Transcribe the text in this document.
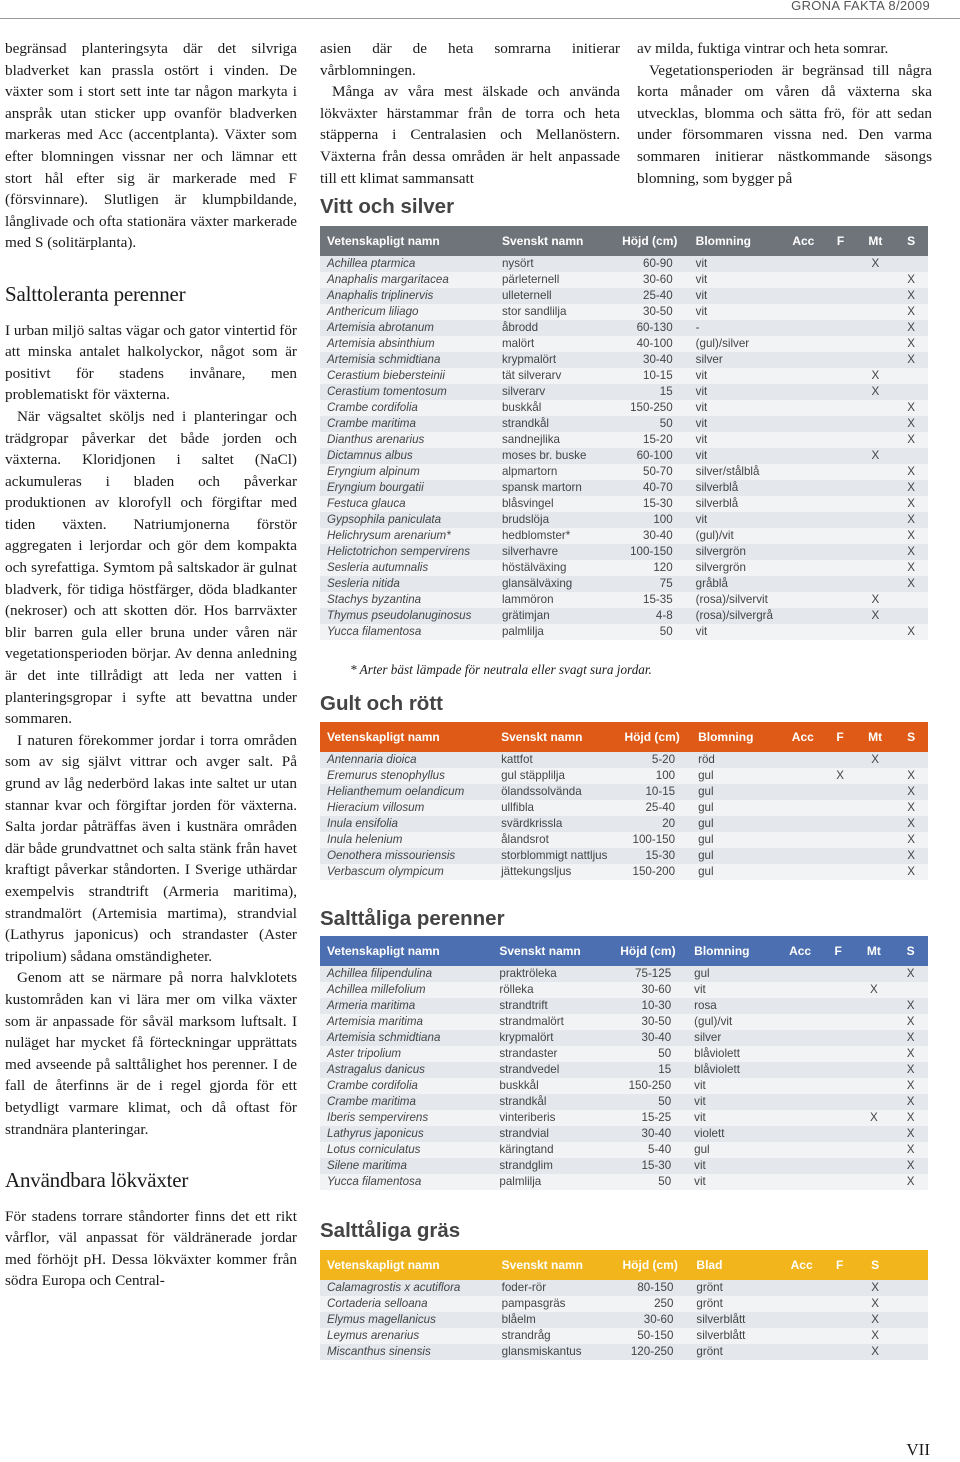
GRÖNA FAKTA 8/2009

begränsad planteringsyta där det silvriga bladverket kan prassla ostört i vinden. De växter som i stort sett inte tar någon markyta i anspråk utan sticker upp ovanför bladverken markeras med Acc (accentplanta). Växter som efter blomningen vissnar ner och lämnar ett stort hål efter sig är markerade med F (försvinnare). Slutligen är klumpbildande, långlivade och ofta stationära växter markerade med S (solitärplanta).

Salttoleranta perenner

I urban miljö saltas vägar och gator vintertid för att minska antalet halkolyckor, något som är positivt för stadens invånare, men problematiskt för växterna.

När vägsaltet sköljs ned i planteringar och trädgropar påverkar det både jorden och växterna. Kloridjonen i saltet (NaCl) ackumuleras i bladen och påverkar produktionen av klorofyll och förgiftar med tiden växten. Natriumjonerna förstör aggregaten i lerjordar och gör dem kompakta och syrefattiga. Symtom på saltskador är gulnat bladverk, för tidiga höstfärger, döda bladkanter (nekroser) och att skotten dör. Hos barrväxter blir barren gula eller bruna under våren när vegetationsperioden börjar. Av denna anledning är det inte tillrådigt att leda ner vatten i planteringsgropar i syfte att bevattna under sommaren.

I naturen förekommer jordar i torra områden som av sig självt vittrar och avger salt. På grund av låg nederbörd lakas inte saltet ur utan stannar kvar och förgiftar jorden för växterna. Salta jordar påträffas även i kustnära områden där både grundvattnet och salta stänk från havet kraftigt påverkar ståndorten. I Sverige uthärdar exempelvis strandtrift (Armeria maritima), strandmalört (Artemisia martima), strandvial (Lathyrus japonicus) och strandaster (Aster tripolium) sådana omständigheter.

Genom att se närmare på norra halvklotets kustområden kan vi lära mer om vilka växter som är anpassade för såväl marksom luftsalt. I nuläget har mycket få förteckningar upprättats med avseende på salttålighet hos perenner. I de fall de återfinns är de i regel gjorda för ett betydligt varmare klimat, och då oftast för strandnära planteringar.

Användbara lökväxter

För stadens torrare ståndorter finns det ett rikt vårflor, väl anpassat för väldränerade jordar med förhöjt pH. Dessa lökväxter kommer från södra Europa och Central-

asien där de heta somrarna initierar vårblomningen.

Många av våra mest älskade och använda lökväxter härstammar från de torra och heta stäpperna i Centralasien och Mellanöstern. Växterna från dessa områden är helt anpassade till ett klimat sammansatt

av milda, fuktiga vintrar och heta somrar.

Vegetationsperioden är begränsad till några korta månader om våren då växterna ska utvecklas, blomma och sätta frö, för att sedan under försommaren vissna ned. Den varma sommaren initierar nästkommande säsongs blomning, som bygger på

Vitt och silver
Gult och rött
Salttåliga perenner
Salttåliga gräs
Vetenskapligt namn	Svenskt namn	Höjd (cm)	Blomning	Acc	F	Mt	S
Achillea ptarmica	nysört	60-90	vit			X	
Anaphalis margaritacea	pärleternell	30-60	vit				X
Anaphalis triplinervis	ulleternell	25-40	vit				X
Anthericum liliago	stor sandlilja	30-50	vit				X
Artemisia abrotanum	åbrodd	60-130	-				X
Artemisia absinthium	malört	40-100	(gul)/silver				X
Artemisia schmidtiana	krypmalört	30-40	silver				X
Cerastium biebersteinii	tät silverarv	10-15	vit			X	
Cerastium tomentosum	silverarv	15	vit			X	
Crambe cordifolia	buskkål	150-250	vit				X
Crambe maritima	strandkål	50	vit				X
Dianthus arenarius	sandnejlika	15-20	vit				X
Dictamnus albus	moses br. buske	60-100	vit			X	
Eryngium alpinum	alpmartorn	50-70	silver/stålblå				X
Eryngium bourgatii	spansk martorn	40-70	silverblå				X
Festuca glauca	blåsvingel	15-30	silverblå				X
Gypsophila paniculata	brudslöja	100	vit				X
Helichrysum arenarium*	hedblomster*	30-40	(gul)/vit				X
Helictotrichon sempervirens	silverhavre	100-150	silvergrön				X
Sesleria autumnalis	höstälväxing	120	silvergrön				X
Sesleria nitida	glansälväxing	75	gråblå				X
Stachys byzantina	lammöron	15-35	(rosa)/silvervit			X	
Thymus pseudolanuginosus	grätimjan	4-8	(rosa)/silvergrå			X	
Yucca filamentosa	palmlilja	50	vit				X
* Arter bäst lämpade för neutrala eller svagt sura jordar.
Vetenskapligt namn	Svenskt namn	Höjd (cm)	Blomning	Acc	F	Mt	S
Antennaria dioica	kattfot	5-20	röd			X	
Eremurus stenophyllus	gul stäpplilja	100	gul		X		X
Helianthemum oelandicum	ölandssolvända	10-15	gul				X
Hieracium villosum	ullfibla	25-40	gul				X
Inula ensifolia	svärdkrissla	20	gul				X
Inula helenium	ålandsrot	100-150	gul				X
Oenothera missouriensis	storblommigt nattljus	15-30	gul				X
Verbascum olympicum	jättekungsljus	150-200	gul				X
Vetenskapligt namn	Svenskt namn	Höjd (cm)	Blomning	Acc	F	Mt	S
Achillea filipendulina	praktröleka	75-125	gul				X
Achillea millefolium	rölleka	30-60	vit			X	
Armeria maritima	strandtrift	10-30	rosa				X
Artemisia maritima	strandmalört	30-50	(gul)/vit				X
Artemisia schmidtiana	krypmalört	30-40	silver				X
Aster tripolium	strandaster	50	blåviolett				X
Astragalus danicus	strandvedel	15	blåviolett				X
Crambe cordifolia	buskkål	150-250	vit				X
Crambe maritima	strandkål	50	vit				X
Iberis sempervirens	vinteriberis	15-25	vit			X	X
Lathyrus japonicus	strandvial	30-40	violett				X
Lotus corniculatus	käringtand	5-40	gul				X
Silene maritima	strandglim	15-30	vit				X
Yucca filamentosa	palmlilja	50	vit				X
Vetenskapligt namn	Svenskt namn	Höjd (cm)	Blad	Acc	F	S	
Calamagrostis x acutiflora	foder-rör	80-150	grönt			X	
Cortaderia selloana	pampasgräs	250	grönt			X	
Elymus magellanicus	blåelm	30-60	silverblått			X	
Leymus arenarius	strandråg	50-150	silverblått			X	
Miscanthus sinensis	glansmiskantus	120-250	grönt			X	
VII
